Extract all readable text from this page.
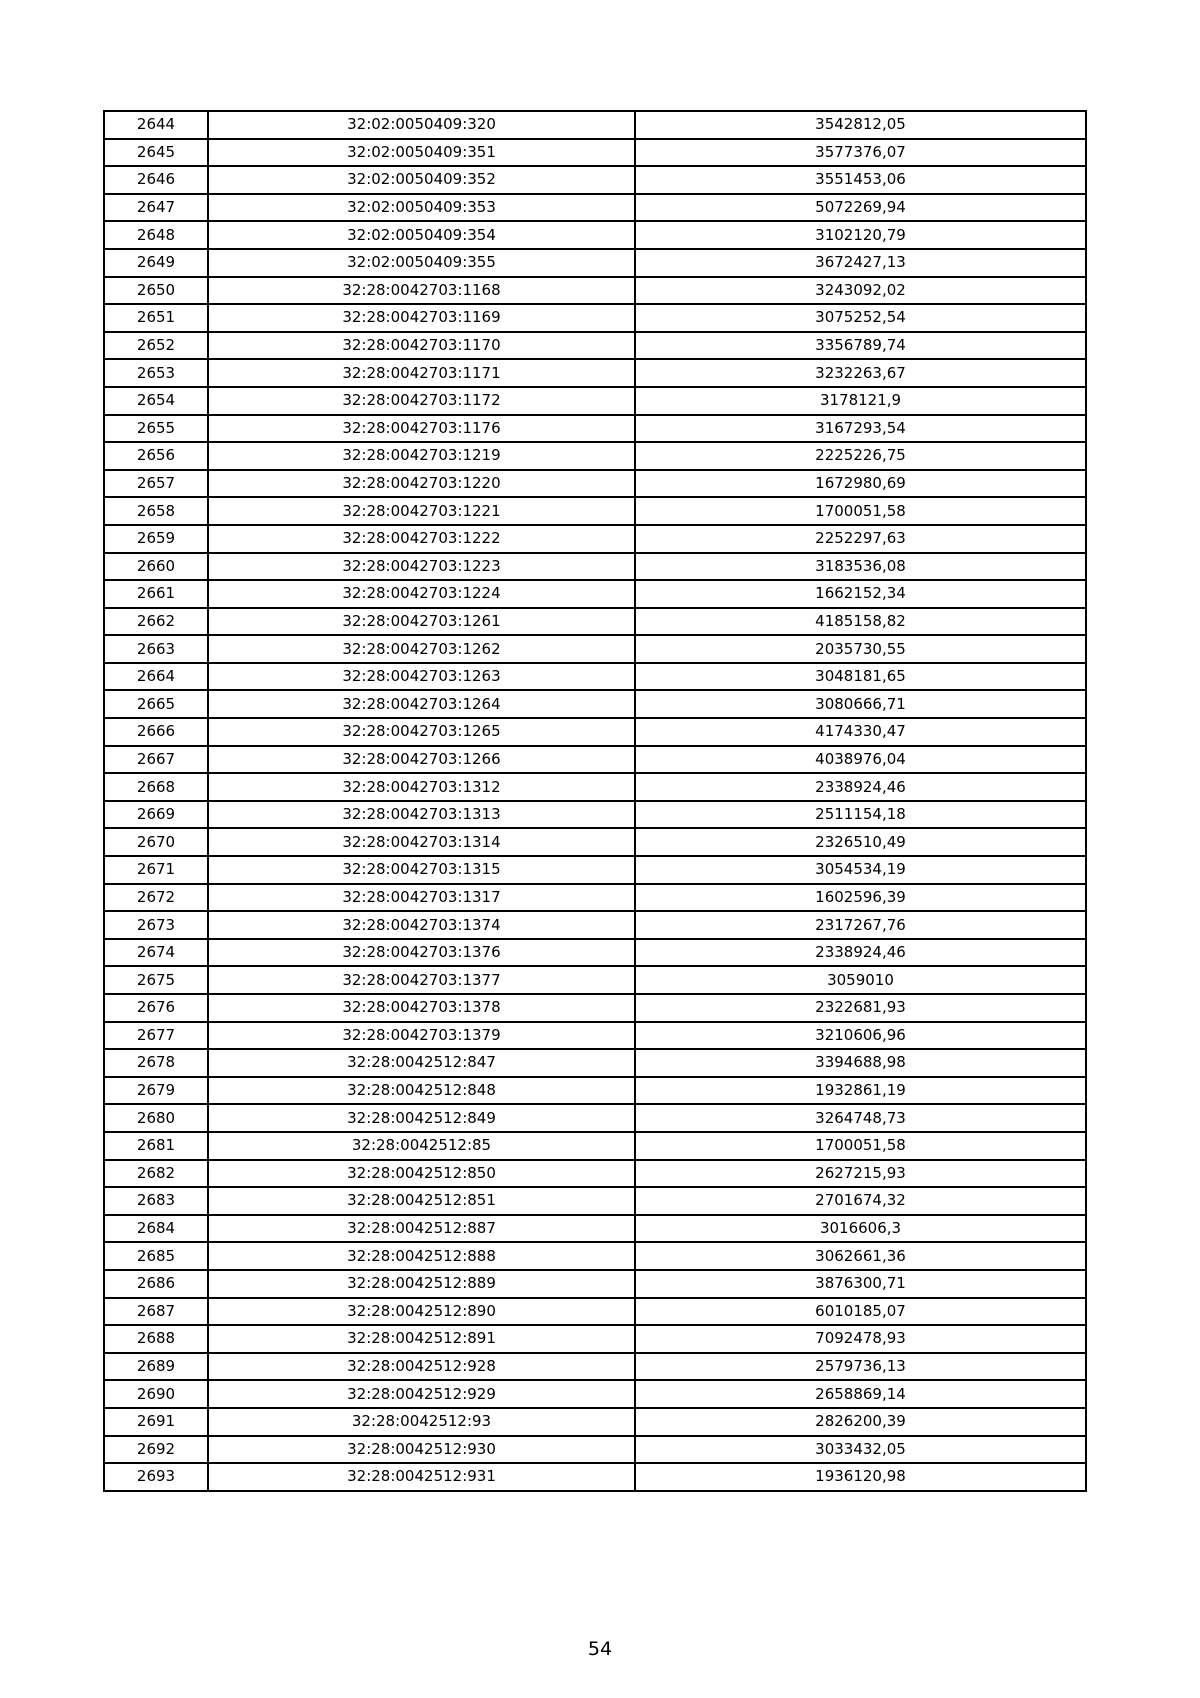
2644	32:02:0050409:320	3542812,05
2645	32:02:0050409:351	3577376,07
2646	32:02:0050409:352	3551453,06
2647	32:02:0050409:353	5072269,94
2648	32:02:0050409:354	3102120,79
2649	32:02:0050409:355	3672427,13
2650	32:28:0042703:1168	3243092,02
2651	32:28:0042703:1169	3075252,54
2652	32:28:0042703:1170	3356789,74
2653	32:28:0042703:1171	3232263,67
2654	32:28:0042703:1172	3178121,9
2655	32:28:0042703:1176	3167293,54
2656	32:28:0042703:1219	2225226,75
2657	32:28:0042703:1220	1672980,69
2658	32:28:0042703:1221	1700051,58
2659	32:28:0042703:1222	2252297,63
2660	32:28:0042703:1223	3183536,08
2661	32:28:0042703:1224	1662152,34
2662	32:28:0042703:1261	4185158,82
2663	32:28:0042703:1262	2035730,55
2664	32:28:0042703:1263	3048181,65
2665	32:28:0042703:1264	3080666,71
2666	32:28:0042703:1265	4174330,47
2667	32:28:0042703:1266	4038976,04
2668	32:28:0042703:1312	2338924,46
2669	32:28:0042703:1313	2511154,18
2670	32:28:0042703:1314	2326510,49
2671	32:28:0042703:1315	3054534,19
2672	32:28:0042703:1317	1602596,39
2673	32:28:0042703:1374	2317267,76
2674	32:28:0042703:1376	2338924,46
2675	32:28:0042703:1377	3059010
2676	32:28:0042703:1378	2322681,93
2677	32:28:0042703:1379	3210606,96
2678	32:28:0042512:847	3394688,98
2679	32:28:0042512:848	1932861,19
2680	32:28:0042512:849	3264748,73
2681	32:28:0042512:85	1700051,58
2682	32:28:0042512:850	2627215,93
2683	32:28:0042512:851	2701674,32
2684	32:28:0042512:887	3016606,3
2685	32:28:0042512:888	3062661,36
2686	32:28:0042512:889	3876300,71
2687	32:28:0042512:890	6010185,07
2688	32:28:0042512:891	7092478,93
2689	32:28:0042512:928	2579736,13
2690	32:28:0042512:929	2658869,14
2691	32:28:0042512:93	2826200,39
2692	32:28:0042512:930	3033432,05
2693	32:28:0042512:931	1936120,98
54
